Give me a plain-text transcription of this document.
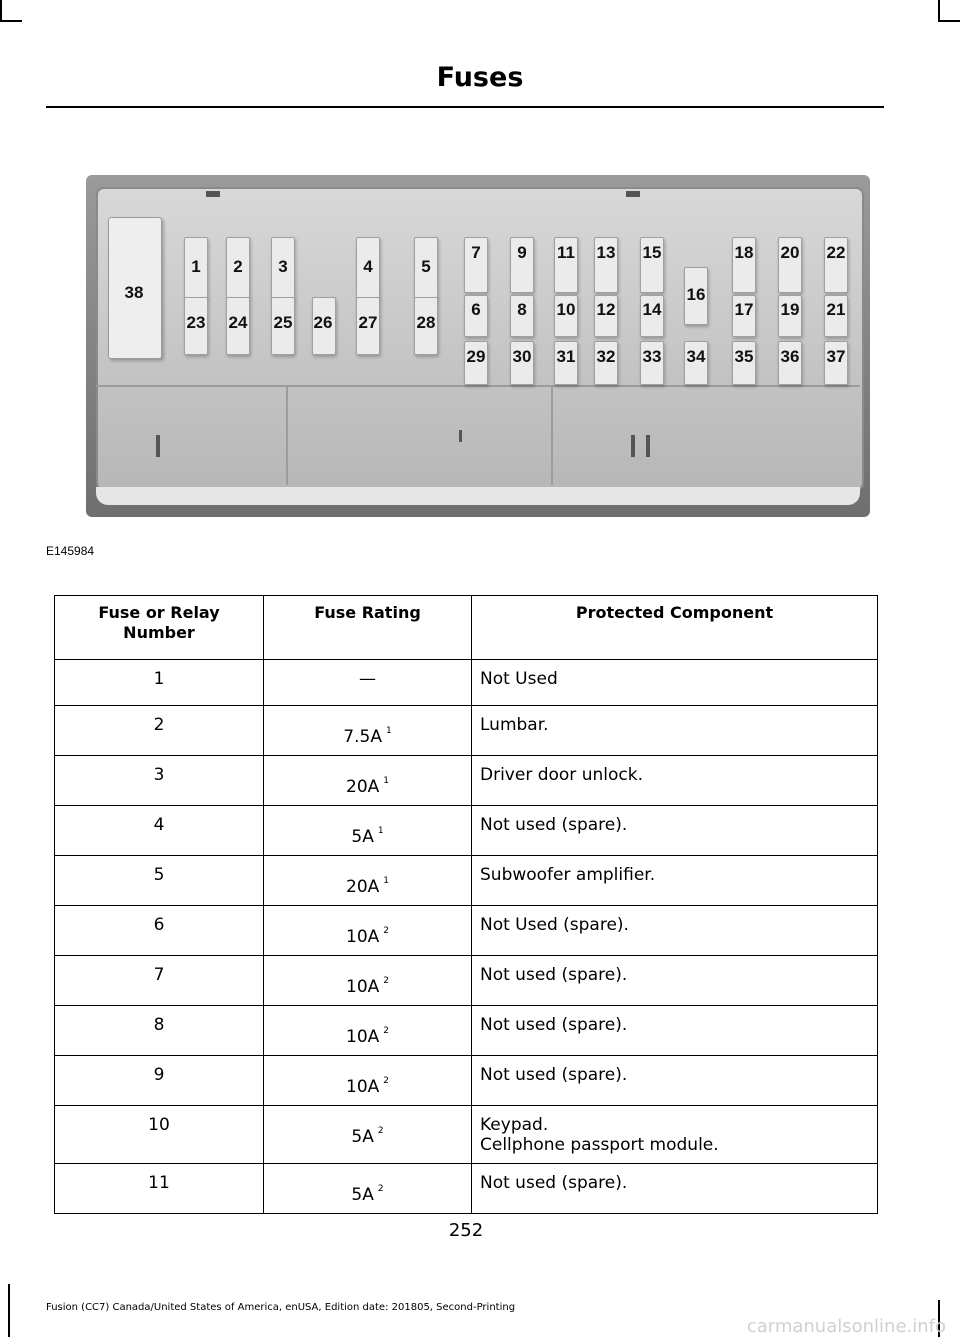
Fuses
1 2 3	4	5
7 9 11 13 15	18 20 22
6 8 10 12 14
16
17 19 21
23 24 25 26 27 28
29 30 31 32 33 34 35 36 37
38
E145984
Fuse or Relay Number	Fuse Rating	Protected Component
1	—	Not Used

2	7.5A $^1$	Lumbar.

3	20A $^1$	Driver door unlock.

4	5A $^1$	Not used (spare).

5	20A $^1$	Subwoofer amplifier.

6	10A $^2$	Not Used (spare).

7	10A $^2$	Not used (spare).

8	10A $^2$	Not used (spare).

9	10A $^2$	Not used (spare).

10	5A $^2$	Keypad.
Cellphone passport module.

11	5A $^2$	Not used (spare).
252
Fusion (CC7) Canada/United States of America, enUSA, Edition date: 201805, Second-Printing
carmanualsonline.info
